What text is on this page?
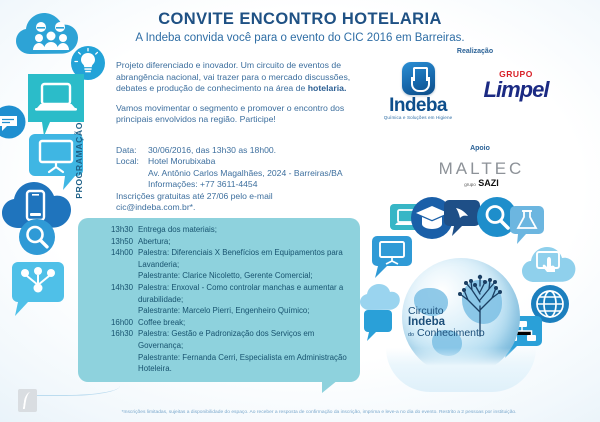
CONVITE ENCONTRO HOTELARIA
A Indeba convida você para o evento do CIC 2016 em Barreiras.

Projeto diferenciado e inovador. Um circuito de eventos de abrangência nacional, vai trazer para o mercado discussões, debates e produção de conhecimento na área de hotelaria.

Vamos movimentar o segmento e promover o encontro dos principais envolvidos na região. Participe!

Data:	30/06/2016, das 13h30 as 18h00.
Local:	Hotel Morubixaba
Av. Antônio Carlos Magalhães, 2024 - Barreiras/BA
Informações: +77 3611-4454
Inscrições gratuitas até 27/06 pelo e-mail
cic@indeba.com.br*.
Realização
Indeba
Química e Soluções em Higiene
GRUPO
Limpel
Apoio
MALTEC
grupo SAZI
PROGRAMAÇÃO
13h30 Entrega dos materiais;
13h50 Abertura;
14h00 Palestra: Diferenciais X Benefícios em Equipamentos para Lavanderia;
Palestrante: Clarice Nicoletto, Gerente Comercial;
14h30 Palestra: Enxoval - Como controlar manchas e aumentar a durabilidade;
Palestrante: Marcelo Pierri, Engenheiro Químico;
16h00 Coffee break;
16h30 Palestra: Gestão e Padronização dos Serviços em Governança;
Palestrante: Fernanda Cerri, Especialista em Administração Hoteleira.
Circuito
Indeba
do Conhecimento
*Inscrições limitadas, sujeitas a disponibilidade do espaço. Ao receber a resposta de confirmação da inscrição, imprima e leve-a no dia do evento. Restrito a 2 pessoas por instituição.
